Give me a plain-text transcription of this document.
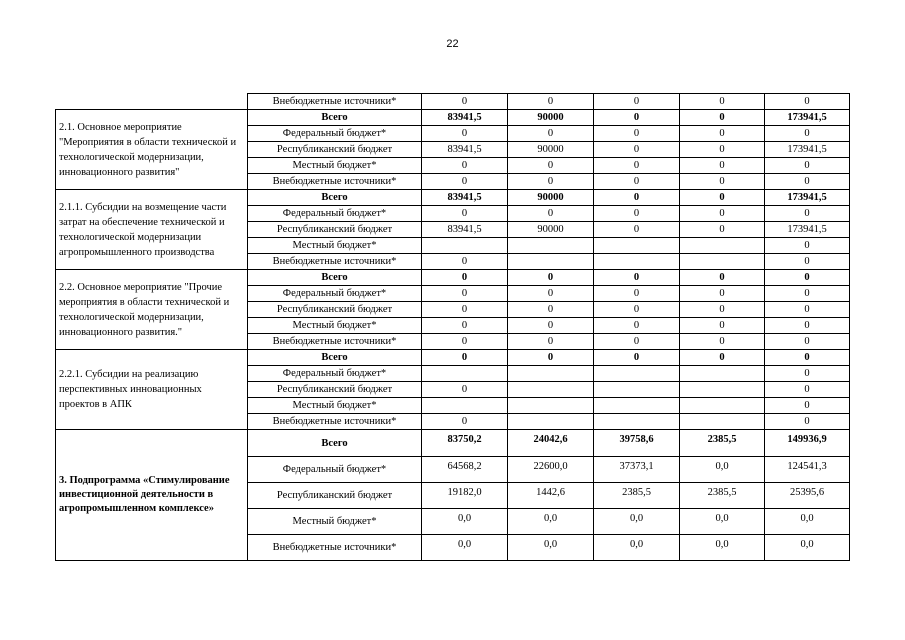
22
	Внебюджетные источники*	0	0	0	0	0
2.1. Основное мероприятие "Мероприятия в области технической и технологической модернизации, инновационного развития"	Всего	83941,5	90000	0	0	173941,5
	Федеральный бюджет*	0	0	0	0	0
	Республиканский бюджет	83941,5	90000	0	0	173941,5
	Местный бюджет*	0	0	0	0	0
	Внебюджетные источники*	0	0	0	0	0
2.1.1. Субсидии на возмещение части затрат на обеспечение технической и технологической модернизации агропромышленного производства	Всего	83941,5	90000	0	0	173941,5
	Федеральный бюджет*	0	0	0	0	0
	Республиканский бюджет	83941,5	90000	0	0	173941,5
	Местный бюджет*					0
	Внебюджетные источники*	0				0
2.2. Основное мероприятие "Прочие мероприятия в области технической и технологической модернизации, инновационного развития."	Всего	0	0	0	0	0
	Федеральный бюджет*	0	0	0	0	0
	Республиканский бюджет	0	0	0	0	0
	Местный бюджет*	0	0	0	0	0
	Внебюджетные источники*	0	0	0	0	0
2.2.1. Субсидии на реализацию перспективных инновационных проектов в АПК	Всего	0	0	0	0	0
	Федеральный бюджет*					0
	Республиканский бюджет	0				0
	Местный бюджет*					0
	Внебюджетные источники*	0				0
3. Подпрограмма «Стимулирование инвестиционной деятельности в агропромышленном комплексе»	Всего	83750,2	24042,6	39758,6	2385,5	149936,9
	Федеральный бюджет*	64568,2	22600,0	37373,1	0,0	124541,3
	Республиканский бюджет	19182,0	1442,6	2385,5	2385,5	25395,6
	Местный бюджет*	0,0	0,0	0,0	0,0	0,0
	Внебюджетные источники*	0,0	0,0	0,0	0,0	0,0
